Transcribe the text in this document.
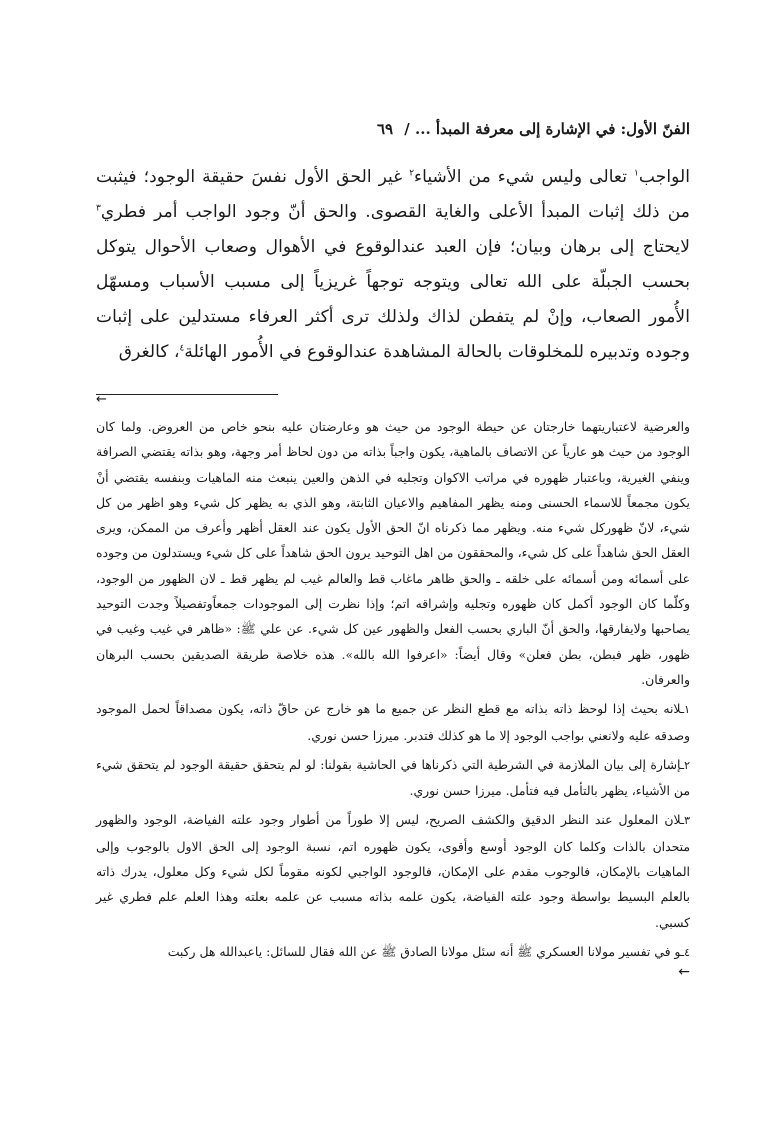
الفنّ الأول: في الإشارة إلى معرفة المبدأ ... / ٦٩

الواجب$^١$ تعالى وليس شيء من الأشياء$^٢$ غير الحق الأول نفسَ حقيقة الوجود؛ فيثبت من ذلك إثبات المبدأ الأعلى والغاية القصوى. والحق أنّ وجود الواجب أمر فطري$^٣$ لايحتاج إلى برهان وبيان؛ فإن العبد عندالوقوع في الأهوال وصعاب الأحوال يتوكل بحسب الجبلّة على الله تعالى ويتوجه توجهاً غريزياً إلى مسبب الأسباب ومسهّل الأُمور الصعاب، وإنْ لم يتفطن لذاك ولذلك ترى أكثر العرفاء مستدلين على إثبات وجوده وتدبيره للمخلوقات بالحالة المشاهدة عندالوقوع في الأُمور الهائلة$^٤$، كالغرق

←

والعرضية لاعتباريتهما خارجتان عن حيطة الوجود من حيث هو وعارضتان عليه بنحو خاص من العروض. ولما كان الوجود من حيث هو عارياً عن الاتصاف بالماهية، يكون واجباً بذاته من دون لحاظ أمر وجهة، وهو بذاته يقتضي الصرافة وينفي الغيرية، وباعتبار ظهوره في مراتب الاكوان وتجليه في الذهن والعين ينبعث منه الماهيات وبنفسه يقتضي أنْ يكون مجمعاً للاسماء الحسنى ومنه يظهر المفاهيم والاعيان الثابتة، وهو الذي به يظهر كل شيء وهو اظهر من كل شيء، لانّ ظهوركل شيء منه. ويظهر مما ذكرناه انّ الحق الأول يكون عند العقل أظهر وأعرف من الممكن، ويرى العقل الحق شاهداً على كل شيء، والمحققون من اهل التوحيد يرون الحق شاهداً على كل شيء ويستدلون من وجوده على أسمائه ومن أسمائه على خلقه ـ والحق ظاهر ماغاب قط والعالم غيب لم يظهر قط ـ لان الظهور من الوجود، وكلّما كان الوجود أكمل كان ظهوره وتجليه وإشراقه اتم؛ وإذا نظرت إلى الموجودات جمعاًوتفصيلاً وجدت التوحيد يصاحبها ولايفارقها، والحق أنّ الباري بحسب الفعل والظهور عين كل شيء. عن علي ﷺ: «ظاهر في غيب وغيب في ظهور، ظهر فبطن، بطن فعلن» وقال أيضاً: «اعرفوا الله بالله». هذه خلاصة طريقة الصديقين بحسب البرهان والعرفان.

١ـلانه بحيث إذا لوحظ ذاته بذاته مع قطع النظر عن جميع ما هو خارج عن حاقّ ذاته، يكون مصداقاً لحمل الموجود وصدقه عليه ولانعني بواجب الوجود إلا ما هو كذلك فتدبر. ميرزا حسن نوري.

٢ـإشارة إلى بيان الملازمة في الشرطية التي ذكرناها في الحاشية بقولنا: لو لم يتحقق حقيقة الوجود لم يتحقق شيء من الأشياء، يظهر بالتأمل فيه فتأمل. ميرزا حسن نوري.

٣ـلان المعلول عند النظر الدقيق والكشف الصريح، ليس إلا طوراً من أطوار وجود علته الفياضة، الوجود والظهور متحدان بالذات وكلما كان الوجود أوسع وأقوى، يكون ظهوره اتم، نسبة الوجود إلى الحق الاول بالوجوب وإلى الماهيات بالإمكان، فالوجوب مقدم على الإمكان، فالوجود الواجبي لكونه مقوماً لكل شيء وكل معلول، يدرك ذاته بالعلم البسيط بواسطة وجود علته الفياضة، يكون علمه بذاته مسبب عن علمه بعلته وهذا العلم علم فطري غير كسبي.

٤ـو في تفسير مولانا العسكري ﷺ أنه سئل مولانا الصادق ﷺ عن الله فقال للسائل: ياعبدالله هل ركبت

←
